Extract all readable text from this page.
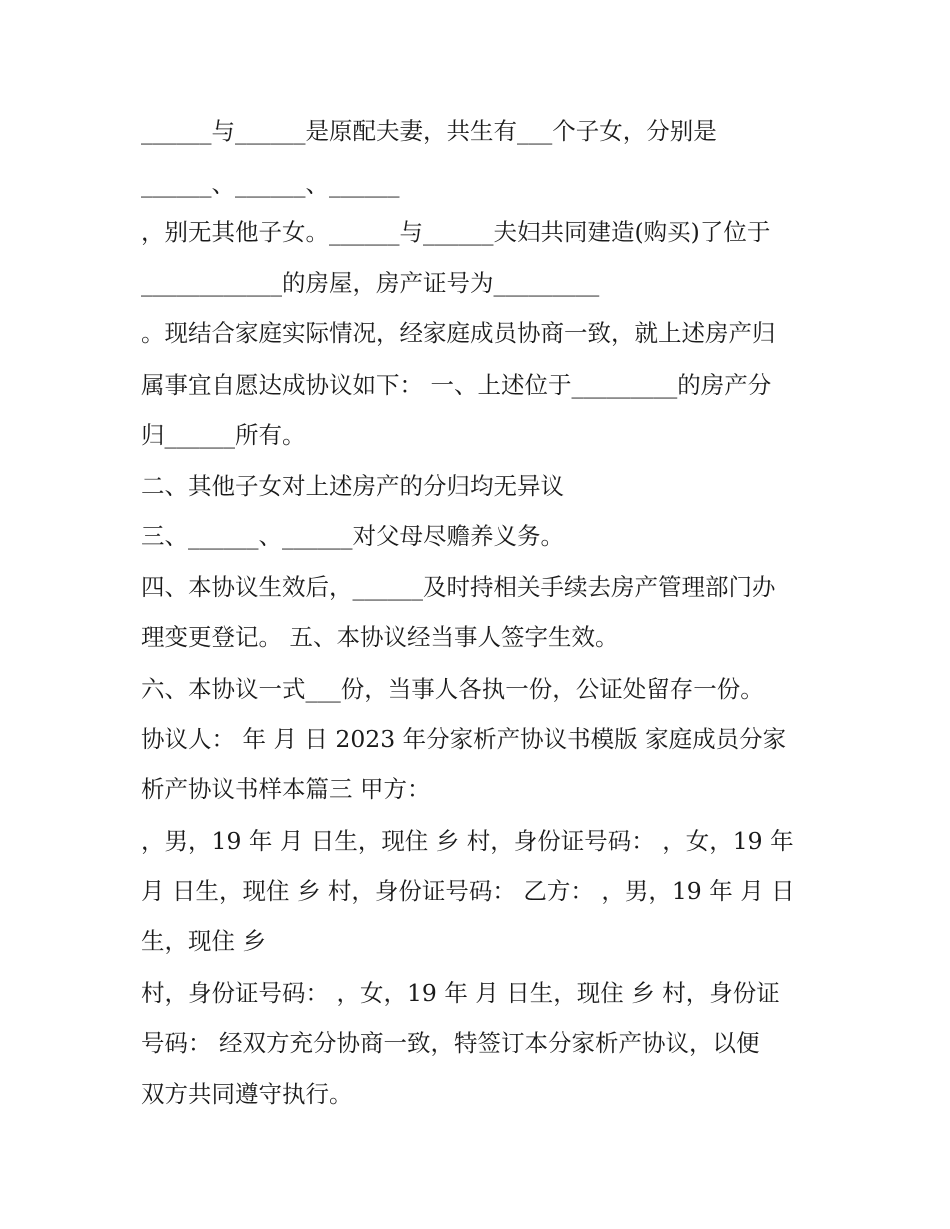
______与______是原配夫妻，共生有___个子女，分别是
______、______、______
，别无其他子女。______与______夫妇共同建造(购买)了位于
____________的房屋，房产证号为_________
。现结合家庭实际情况，经家庭成员协商一致，就上述房产归
属事宜自愿达成协议如下： 一、上述位于_________的房产分
归______所有。
二、其他子女对上述房产的分归均无异议
三、______、______对父母尽赡养义务。
四、本协议生效后，______及时持相关手续去房产管理部门办
理变更登记。 五、本协议经当事人签字生效。
六、本协议一式___份，当事人各执一份，公证处留存一份。
协议人： 年 月 日 2023 年分家析产协议书模版 家庭成员分家
析产协议书样本篇三 甲方：
，男，19 年 月 日生，现住 乡 村，身份证号码： ，女，19 年
月 日生，现住 乡 村，身份证号码： 乙方： ，男，19 年 月 日
生，现住 乡
村，身份证号码： ，女，19 年 月 日生，现住 乡 村，身份证
号码： 经双方充分协商一致，特签订本分家析产协议，以便
双方共同遵守执行。
